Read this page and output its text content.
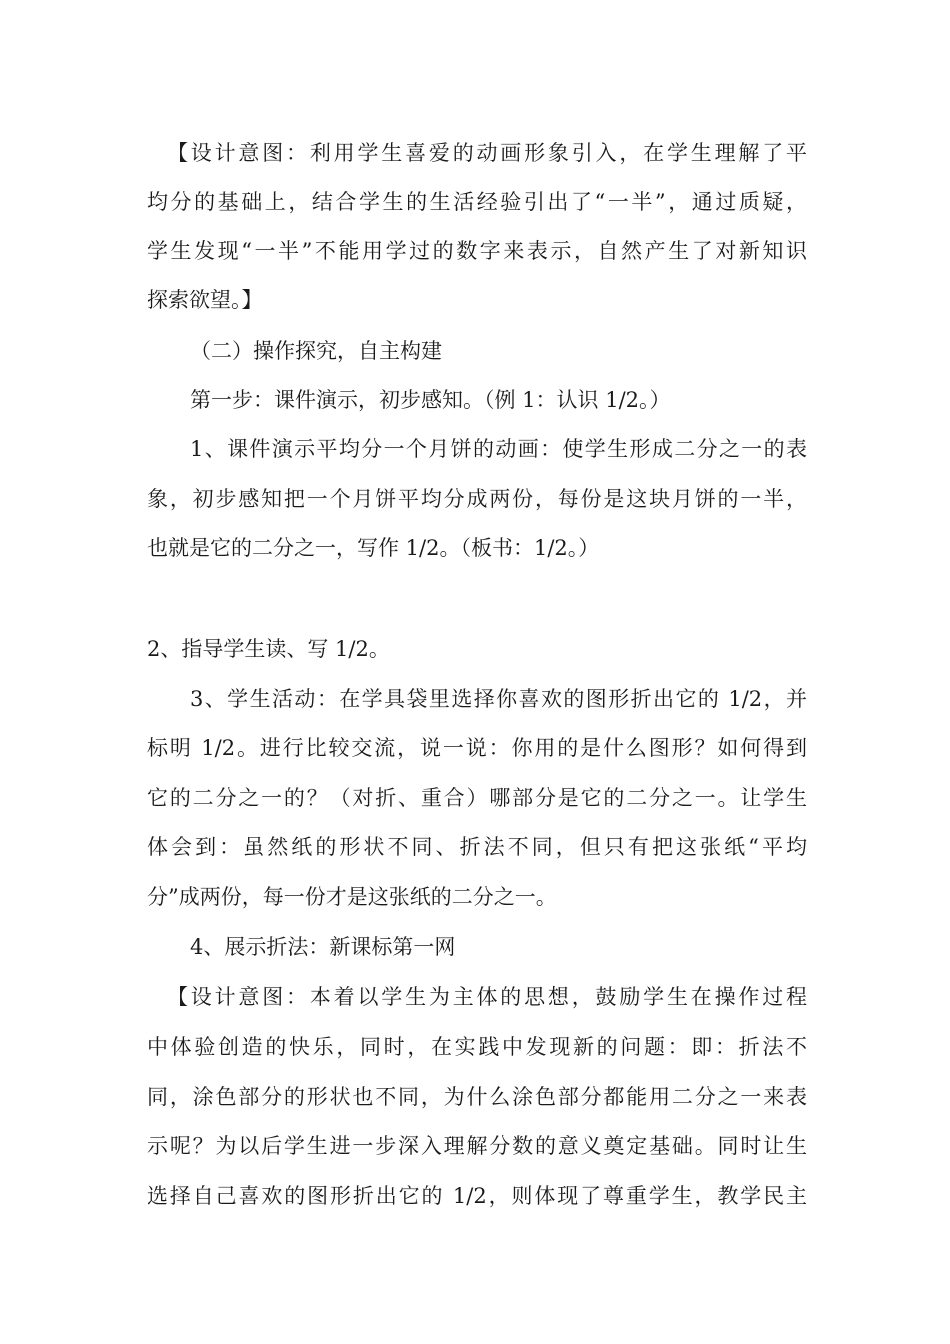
【设计意图：利用学生喜爱的动画形象引入，在学生理解了平
均分的基础上，结合学生的生活经验引出了“一半”，通过质疑，
学生发现“一半”不能用学过的数字来表示，自然产生了对新知识
探索欲望。】
（二）操作探究，自主构建
第一步：课件演示，初步感知。（例 1：认识 1/2。）
1、课件演示平均分一个月饼的动画：使学生形成二分之一的表
象，初步感知把一个月饼平均分成两份，每份是这块月饼的一半，
也就是它的二分之一，写作 1/2。（板书：1/2。）
2、指导学生读、写 1/2。
3、学生活动：在学具袋里选择你喜欢的图形折出它的 1/2，并
标明 1/2。进行比较交流，说一说：你用的是什么图形？如何得到
它的二分之一的？（对折、重合）哪部分是它的二分之一。让学生
体会到：虽然纸的形状不同、折法不同，但只有把这张纸“平均
分”成两份，每一份才是这张纸的二分之一。
4、展示折法：新课标第一网
【设计意图：本着以学生为主体的思想，鼓励学生在操作过程
中体验创造的快乐，同时，在实践中发现新的问题：即：折法不
同，涂色部分的形状也不同，为什么涂色部分都能用二分之一来表
示呢？为以后学生进一步深入理解分数的意义奠定基础。同时让生
选择自己喜欢的图形折出它的 1/2，则体现了尊重学生，教学民主
